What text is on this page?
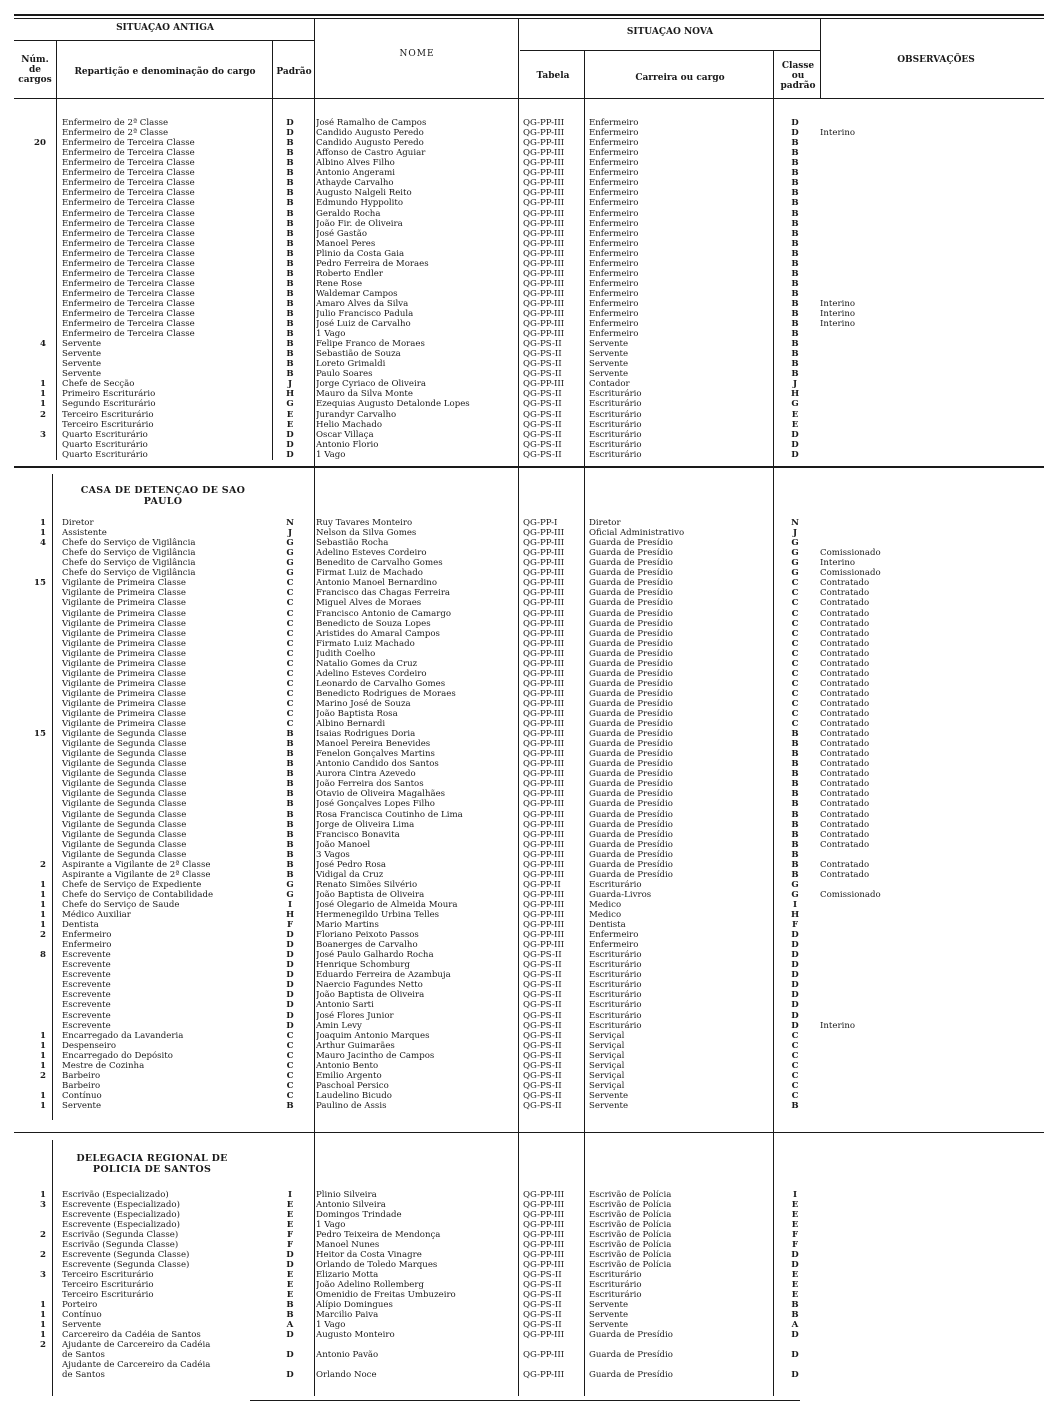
SITUAÇAO ANTIGA
Núm.
de
cargos
Repartição e denominação do cargo	Padrão
NOME
SITUAÇAO NOVA
Tabela	Carreira ou cargo
Classe
ou
padrão
OBSERVAÇÕES
Enfermeiro de 2ª Classe	D	José Ramalho de Campos	QG-PP-III	Enfermeiro	D
Enfermeiro de 2ª Classe	D	Candido Augusto Peredo	QG-PP-III	Enfermeiro	D	Interino
20 Enfermeiro de Terceira Classe	B	Candido Augusto Peredo	QG-PP-III	Enfermeiro	B
Enfermeiro de Terceira Classe	B	Affonso de Castro Aguiar	QG-PP-III	Enfermeiro	B
Enfermeiro de Terceira Classe	B	Albino Alves Filho	QG-PP-III	Enfermeiro	B
Enfermeiro de Terceira Classe	B	Antonio Angerami	QG-PP-III	Enfermeiro	B
Enfermeiro de Terceira Classe	B	Athayde Carvalho	QG-PP-III	Enfermeiro	B
Enfermeiro de Terceira Classe	B	Augusto Nalgeli Reito	QG-PP-III	Enfermeiro	B
Enfermeiro de Terceira Classe	B	Edmundo Hyppolito	QG-PP-III	Enfermeiro	B
Enfermeiro de Terceira Classe	B	Geraldo Rocha	QG-PP-III	Enfermeiro	B
Enfermeiro de Terceira Classe	B	João Fir. de Oliveira	QG-PP-III	Enfermeiro	B
Enfermeiro de Terceira Classe	B	José Gastão	QG-PP-III	Enfermeiro	B
Enfermeiro de Terceira Classe	B	Manoel Peres	QG-PP-III	Enfermeiro	B
Enfermeiro de Terceira Classe	B	Plinio da Costa Gaia	QG-PP-III	Enfermeiro	B
Enfermeiro de Terceira Classe	B	Pedro Ferreira de Moraes	QG-PP-III	Enfermeiro	B
Enfermeiro de Terceira Classe	B	Roberto Endler	QG-PP-III	Enfermeiro	B
Enfermeiro de Terceira Classe	B	Rene Rose	QG-PP-III	Enfermeiro	B
Enfermeiro de Terceira Classe	B	Waldemar Campos	QG-PP-III	Enfermeiro	B
Enfermeiro de Terceira Classe	B	Amaro Alves da Silva	QG-PP-III	Enfermeiro	B	Interino
Enfermeiro de Terceira Classe	B	Julio Francisco Padula	QG-PP-III	Enfermeiro	B	Interino
Enfermeiro de Terceira Classe	B	José Luiz de Carvalho	QG-PP-III	Enfermeiro	B	Interino
Enfermeiro de Terceira Classe	B	1 Vago	QG-PP-III	Enfermeiro	B
4 Servente	B	Felipe Franco de Moraes	QG-PS-II	Servente	B
Servente	B	Sebastião de Souza	QG-PS-II	Servente	B
Servente	B	Loreto Grimaldi	QG-PS-II	Servente	B
Servente	B	Paulo Soares	QG-PS-II	Servente	B
1 Chefe de Secção	J	Jorge Cyriaco de Oliveira	QG-PP-III	Contador	J
1 Primeiro Escriturário	H	Mauro da Silva Monte	QG-PS-II	Escriturário	H
1 Segundo Escriturário	G	Ezequias Augusto Detalonde Lopes	QG-PS-II	Escriturário	G
2 Terceiro Escriturário	E	Jurandyr Carvalho	QG-PS-II	Escriturário	E
Terceiro Escriturário	E	Helio Machado	QG-PS-II	Escriturário	E
3 Quarto Escriturário	D	Oscar Villaça	QG-PS-II	Escriturário	D
Quarto Escriturário	D	Antonio Florio	QG-PS-II	Escriturário	D
Quarto Escriturário	D	1 Vago	QG-PS-II	Escriturário	D
CASA DE DETENÇAO DE SAO PAULO
1 Diretor	N	Ruy Tavares Monteiro	QG-PP-I	Diretor	N
1 Assistente	J	Nelson da Silva Gomes	QG-PP-III	Oficial Administrativo	J
4 Chefe do Serviço de Vigilância	G	Sebastião Rocha	QG-PP-III	Guarda de Presídio	G
Chefe do Serviço de Vigilância	G	Adelino Esteves Cordeiro	QG-PP-III	Guarda de Presídio	G	Comissionado
Chefe do Serviço de Vigilância	G	Benedito de Carvalho Gomes	QG-PP-III	Guarda de Presídio	G	Interino
Chefe do Serviço de Vigilância	G	Firmat Luiz de Machado	QG-PP-III	Guarda de Presídio	G	Comissionado
15 Vigilante de Primeira Classe	C	Antonio Manoel Bernardino	QG-PP-III	Guarda de Presídio	C	Contratado
Vigilante de Primeira Classe	C	Francisco das Chagas Ferreira	QG-PP-III	Guarda de Presídio	C	Contratado
Vigilante de Primeira Classe	C	Miguel Alves de Moraes	QG-PP-III	Guarda de Presídio	C	Contratado
Vigilante de Primeira Classe	C	Francisco Antonio de Camargo	QG-PP-III	Guarda de Presídio	C	Contratado
Vigilante de Primeira Classe	C	Benedicto de Souza Lopes	QG-PP-III	Guarda de Presídio	C	Contratado
Vigilante de Primeira Classe	C	Aristides do Amaral Campos	QG-PP-III	Guarda de Presídio	C	Contratado
Vigilante de Primeira Classe	C	Firmato Luiz Machado	QG-PP-III	Guarda de Presídio	C	Contratado
Vigilante de Primeira Classe	C	Judith Coelho	QG-PP-III	Guarda de Presídio	C	Contratado
Vigilante de Primeira Classe	C	Natalio Gomes da Cruz	QG-PP-III	Guarda de Presídio	C	Contratado
Vigilante de Primeira Classe	C	Adelino Esteves Cordeiro	QG-PP-III	Guarda de Presídio	C	Contratado
Vigilante de Primeira Classe	C	Leonardo de Carvalho Gomes	QG-PP-III	Guarda de Presídio	C	Contratado
Vigilante de Primeira Classe	C	Benedicto Rodrigues de Moraes	QG-PP-III	Guarda de Presídio	C	Contratado
Vigilante de Primeira Classe	C	Marino José de Souza	QG-PP-III	Guarda de Presídio	C	Contratado
Vigilante de Primeira Classe	C	João Baptista Rosa	QG-PP-III	Guarda de Presídio	C	Contratado
Vigilante de Primeira Classe	C	Albino Bernardi	QG-PP-III	Guarda de Presídio	C	Contratado
15 Vigilante de Segunda Classe	B	Isaias Rodrigues Doria	QG-PP-III	Guarda de Presídio	B	Contratado
Vigilante de Segunda Classe	B	Manoel Pereira Benevides	QG-PP-III	Guarda de Presídio	B	Contratado
Vigilante de Segunda Classe	B	Fenelon Gonçalves Martins	QG-PP-III	Guarda de Presídio	B	Contratado
Vigilante de Segunda Classe	B	Antonio Candido dos Santos	QG-PP-III	Guarda de Presídio	B	Contratado
Vigilante de Segunda Classe	B	Aurora Cintra Azevedo	QG-PP-III	Guarda de Presídio	B	Contratado
Vigilante de Segunda Classe	B	João Ferreira dos Santos	QG-PP-III	Guarda de Presídio	B	Contratado
Vigilante de Segunda Classe	B	Otavio de Oliveira Magalhães	QG-PP-III	Guarda de Presídio	B	Contratado
Vigilante de Segunda Classe	B	José Gonçalves Lopes Filho	QG-PP-III	Guarda de Presídio	B	Contratado
Vigilante de Segunda Classe	B	Rosa Francisca Coutinho de Lima	QG-PP-III	Guarda de Presídio	B	Contratado
Vigilante de Segunda Classe	B	Jorge de Oliveira Lima	QG-PP-III	Guarda de Presídio	B	Contratado
Vigilante de Segunda Classe	B	Francisco Bonavita	QG-PP-III	Guarda de Presídio	B	Contratado
Vigilante de Segunda Classe	B	João Manoel	QG-PP-III	Guarda de Presídio	B	Contratado
Vigilante de Segunda Classe	B	3 Vagos	QG-PP-III	Guarda de Presídio	B
2 Aspirante a Vigilante de 2ª Classe	B	José Pedro Rosa	QG-PP-III	Guarda de Presídio	B	Contratado
Aspirante a Vigilante de 2ª Classe	B	Vidigal da Cruz	QG-PP-III	Guarda de Presídio	B	Contratado
1 Chefe de Serviço de Expediente	G	Renato Simões Silvério	QG-PP-II	Escriturário	G
1 Chefe do Serviço de Contabilidade	G	João Baptista de Oliveira	QG-PP-III	Guarda-Livros	G	Comissionado
1 Chefe do Serviço de Saude	I	José Olegario de Almeida Moura	QG-PP-III	Medico	I
1 Médico Auxiliar	H	Hermenegildo Urbina Telles	QG-PP-III	Medico	H
1 Dentista	F	Mario Martins	QG-PP-III	Dentista	F
2 Enfermeiro	D	Floriano Peixoto Passos	QG-PP-III	Enfermeiro	D
Enfermeiro	D	Boanerges de Carvalho	QG-PP-III	Enfermeiro	D
8 Escrevente	D	José Paulo Galhardo Rocha	QG-PS-II	Escriturário	D
Escrevente	D	Henrique Schomburg	QG-PS-II	Escriturário	D
Escrevente	D	Eduardo Ferreira de Azambuja	QG-PS-II	Escriturário	D
Escrevente	D	Naercio Fagundes Netto	QG-PS-II	Escriturário	D
Escrevente	D	João Baptista de Oliveira	QG-PS-II	Escriturário	D
Escrevente	D	Antonio Sarti	QG-PS-II	Escriturário	D
Escrevente	D	José Flores Junior	QG-PS-II	Escriturário	D
Escrevente	D	Amin Levy	QG-PS-II	Escriturário	D	Interino
1 Encarregado da Lavanderia	C	Joaquim Antonio Marques	QG-PS-II	Serviçal	C
1 Despenseiro	C	Arthur Guimarães	QG-PS-II	Serviçal	C
1 Encarregado do Depósito	C	Mauro Jacintho de Campos	QG-PS-II	Serviçal	C
1 Mestre de Cozinha	C	Antonio Bento	QG-PS-II	Serviçal	C
2 Barbeiro	C	Emilio Argento	QG-PS-II	Serviçal	C
Barbeiro	C	Paschoal Persico	QG-PS-II	Serviçal	C
1 Contínuo	C	Laudelino Bicudo	QG-PS-II	Servente	C
1 Servente	B	Paulino de Assis	QG-PS-II	Servente	B
DELEGACIA REGIONAL DE POLICIA DE SANTOS
1 Escrivão (Especializado)	I	Plinio Silveira	QG-PP-III	Escrivão de Polícia	I
3 Escrevente (Especializado)	E	Antonio Silveira	QG-PP-III	Escrivão de Polícia	E
Escrevente (Especializado)	E	Domingos Trindade	QG-PP-III	Escrivão de Polícia	E
Escrevente (Especializado)	E	1 Vago	QG-PP-III	Escrivão de Polícia	E
2 Escrivão (Segunda Classe)	F	Pedro Teixeira de Mendonça	QG-PP-III	Escrivão de Polícia	F
Escrivão (Segunda Classe)	F	Manoel Nunes	QG-PP-III	Escrivão de Polícia	F
2 Escrevente (Segunda Classe)	D	Heitor da Costa Vinagre	QG-PP-III	Escrivão de Polícia	D
Escrevente (Segunda Classe)	D	Orlando de Toledo Marques	QG-PP-III	Escrivão de Polícia	D
3 Terceiro Escriturário	E	Elizario Motta	QG-PS-II	Escriturário	E
Terceiro Escriturário	E	João Adelino Rollemberg	QG-PS-II	Escriturário	E
Terceiro Escriturário	E	Omenidio de Freitas Umbuzeiro	QG-PS-II	Escriturário	E
1 Porteiro	B	Alípio Domingues	QG-PS-II	Servente	B
1 Contínuo	B	Marcilio Paiva	QG-PS-II	Servente	B
1 Servente	A	1 Vago	QG-PS-II	Servente	A
1 Carcereiro da Cadéia de Santos	D	Augusto Monteiro	QG-PP-III	Guarda de Presídio	D
2 Ajudante de Carcereiro da Cadéia
de Santos	D	Antonio Pavão	QG-PP-III	Guarda de Presídio	D
Ajudante de Carcereiro da Cadéia
de Santos	D	Orlando Noce	QG-PP-III	Guarda de Presídio	D
